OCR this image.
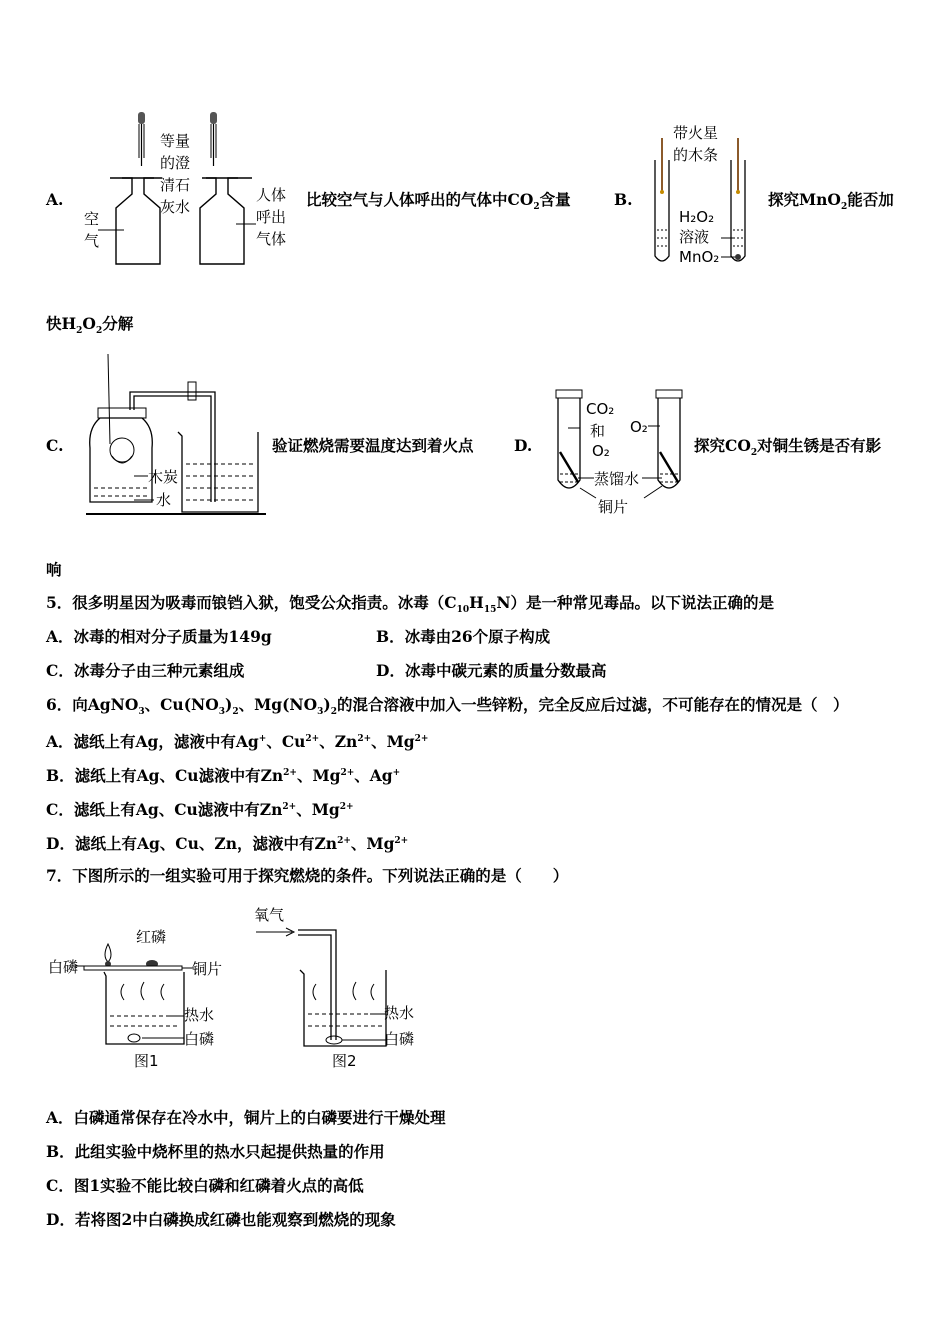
A.
等量
的澄
清石
灰水
空
气
人体
呼出
气体
比较空气与人体呼出的气体中$CO_2$含量	B.
带火星
的木条
H₂O₂
溶液
MnO₂
探究MnO$_2$能否加
快$H_2O_2$分解
C.
木炭
水
验证燃烧需要温度达到着火点	D.
CO₂
和
O₂
O₂
蒸馏水
铜片
探究$CO_2$对铜生锈是否有影
响
5．很多明星因为吸毒而锒铛入狱，饱受公众指责。冰毒$(C_{10}H_{15}N)$是一种常见毒品。以下说法正确的是
A．冰毒的相对分子质量为149g	B．冰毒由26个原子构成
C．冰毒分子由三种元素组成	D．冰毒中碳元素的质量分数最高
6．向AgNO$_3$、$Cu(NO_3)_2$、$Mg(NO_3)_2$的混合溶液中加入一些锌粉，完全反应后过滤，不可能存在的情况是（　）
A．滤纸上有Ag，滤液中有Ag+、$Cu^{2+}$、$Zn^{2+}$、$Mg^{2+}$
B．滤纸上有Ag、Cu滤液中有$Zn^{2+}$、$Mg^{2+}$、Ag+
C．滤纸上有Ag、Cu滤液中有$Zn^{2+}$、$Mg^{2+}$
D．滤纸上有Ag、Cu、Zn，滤液中有$Zn^{2+}$、$Mg^{2+}$
7．下图所示的一组实验可用于探究燃烧的条件。下列说法正确的是（　　）
红磷
白磷	铜片
热水
白磷
图1
氧气
热水
白磷
图2
A．白磷通常保存在冷水中，铜片上的白磷要进行干燥处理
B．此组实验中烧杯里的热水只起提供热量的作用
C．图1实验不能比较白磷和红磷着火点的高低
D．若将图2中白磷换成红磷也能观察到燃烧的现象
